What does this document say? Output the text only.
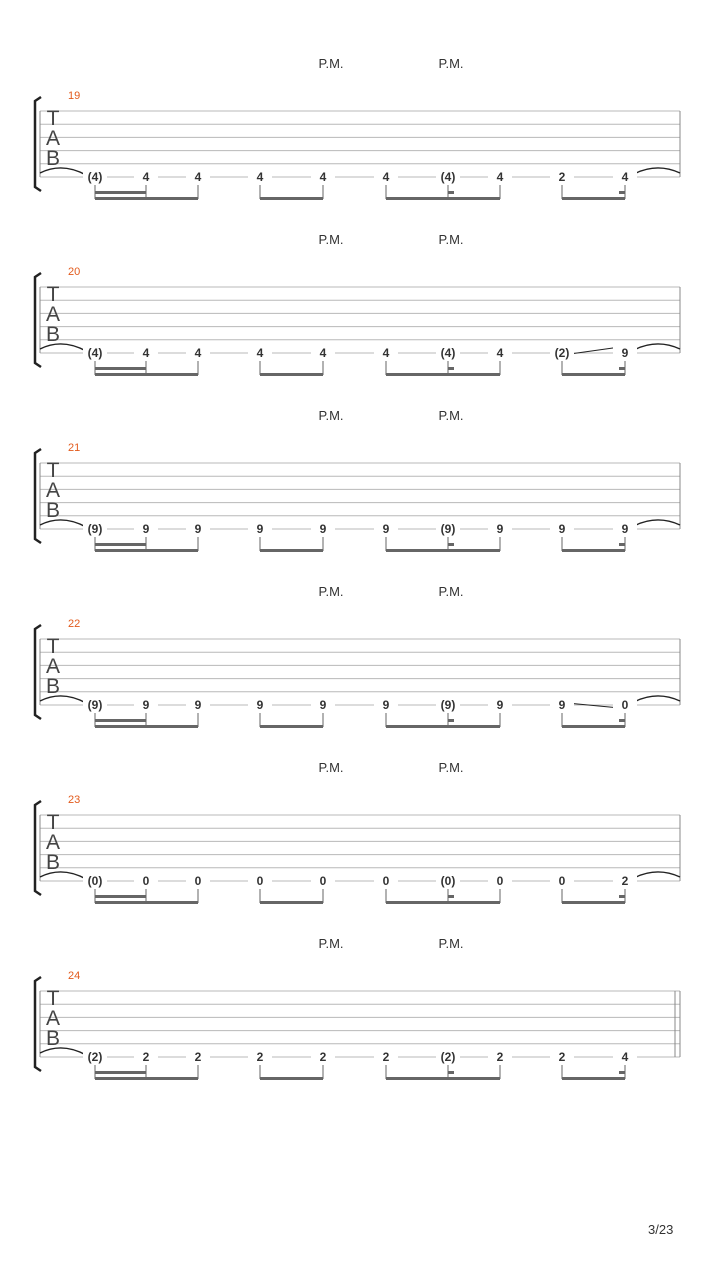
P.M.	P.M.
19
T
A
B
(4)	4	4	4	4	4	(4)	4	2	4
P.M.	P.M.
20
T
A
B
(4)	4	4	4	4	4	(4)	4	(2)	9
P.M.	P.M.
21
T
A
B
(9)	9	9	9	9	9	(9)	9	9	9
P.M.	P.M.
22
T
A
B
(9)	9	9	9	9	9	(9)	9	9	0
P.M.	P.M.
23
T
A
B
(0)	0	0	0	0	0	(0)	0	0	2
P.M.	P.M.
24
T
A
B
(2)	2	2	2	2	2	(2)	2	2	4
3/23
